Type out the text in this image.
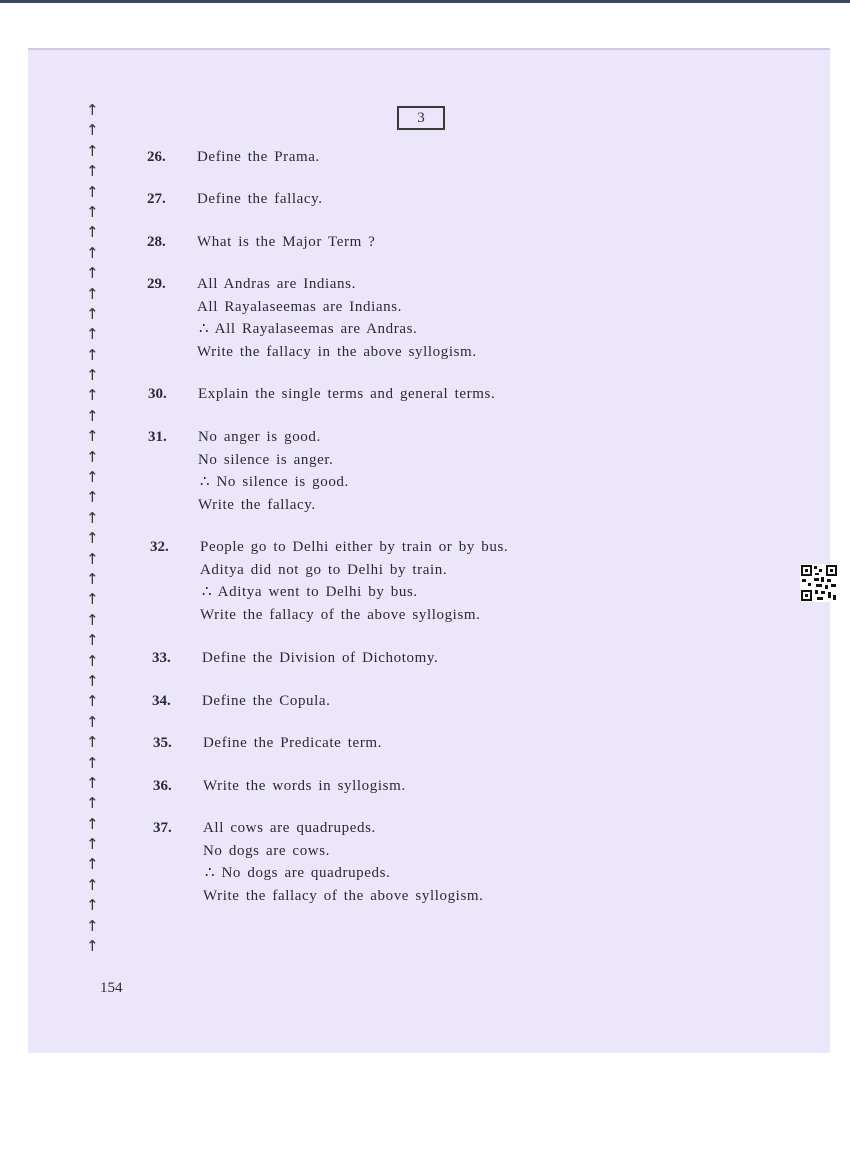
3
↑
↑
↑
↑
↑
↑
↑
↑
↑
↑
↑
↑
↑
↑
↑
↑
↑
↑
↑
↑
↑
↑
↑
↑
↑
↑
↑
↑
↑
↑
↑
↑
↑
↑
↑
↑
↑
↑
↑
↑
↑
↑
26.	Define the Prama.
27.	Define the fallacy.
28.	What is the Major Term ?
29.	All Andras are Indians.
All Rayalaseemas are Indians.
∴ All Rayalaseemas are Andras.
Write the fallacy in the above syllogism.
30.	Explain the single terms and general terms.
31.	No anger is good.
No silence is anger.
∴ No silence is good.
Write the fallacy.
32.	People go to Delhi either by train or by bus.
Aditya did not go to Delhi by train.
∴ Aditya went to Delhi by bus.
Write the fallacy of the above syllogism.
33.	Define the Division of Dichotomy.
34.	Define the Copula.
35.	Define the Predicate term.
36.	Write the words in syllogism.
37.	All cows are quadrupeds.
No dogs are cows.
∴ No dogs are quadrupeds.
Write the fallacy of the above syllogism.
154
